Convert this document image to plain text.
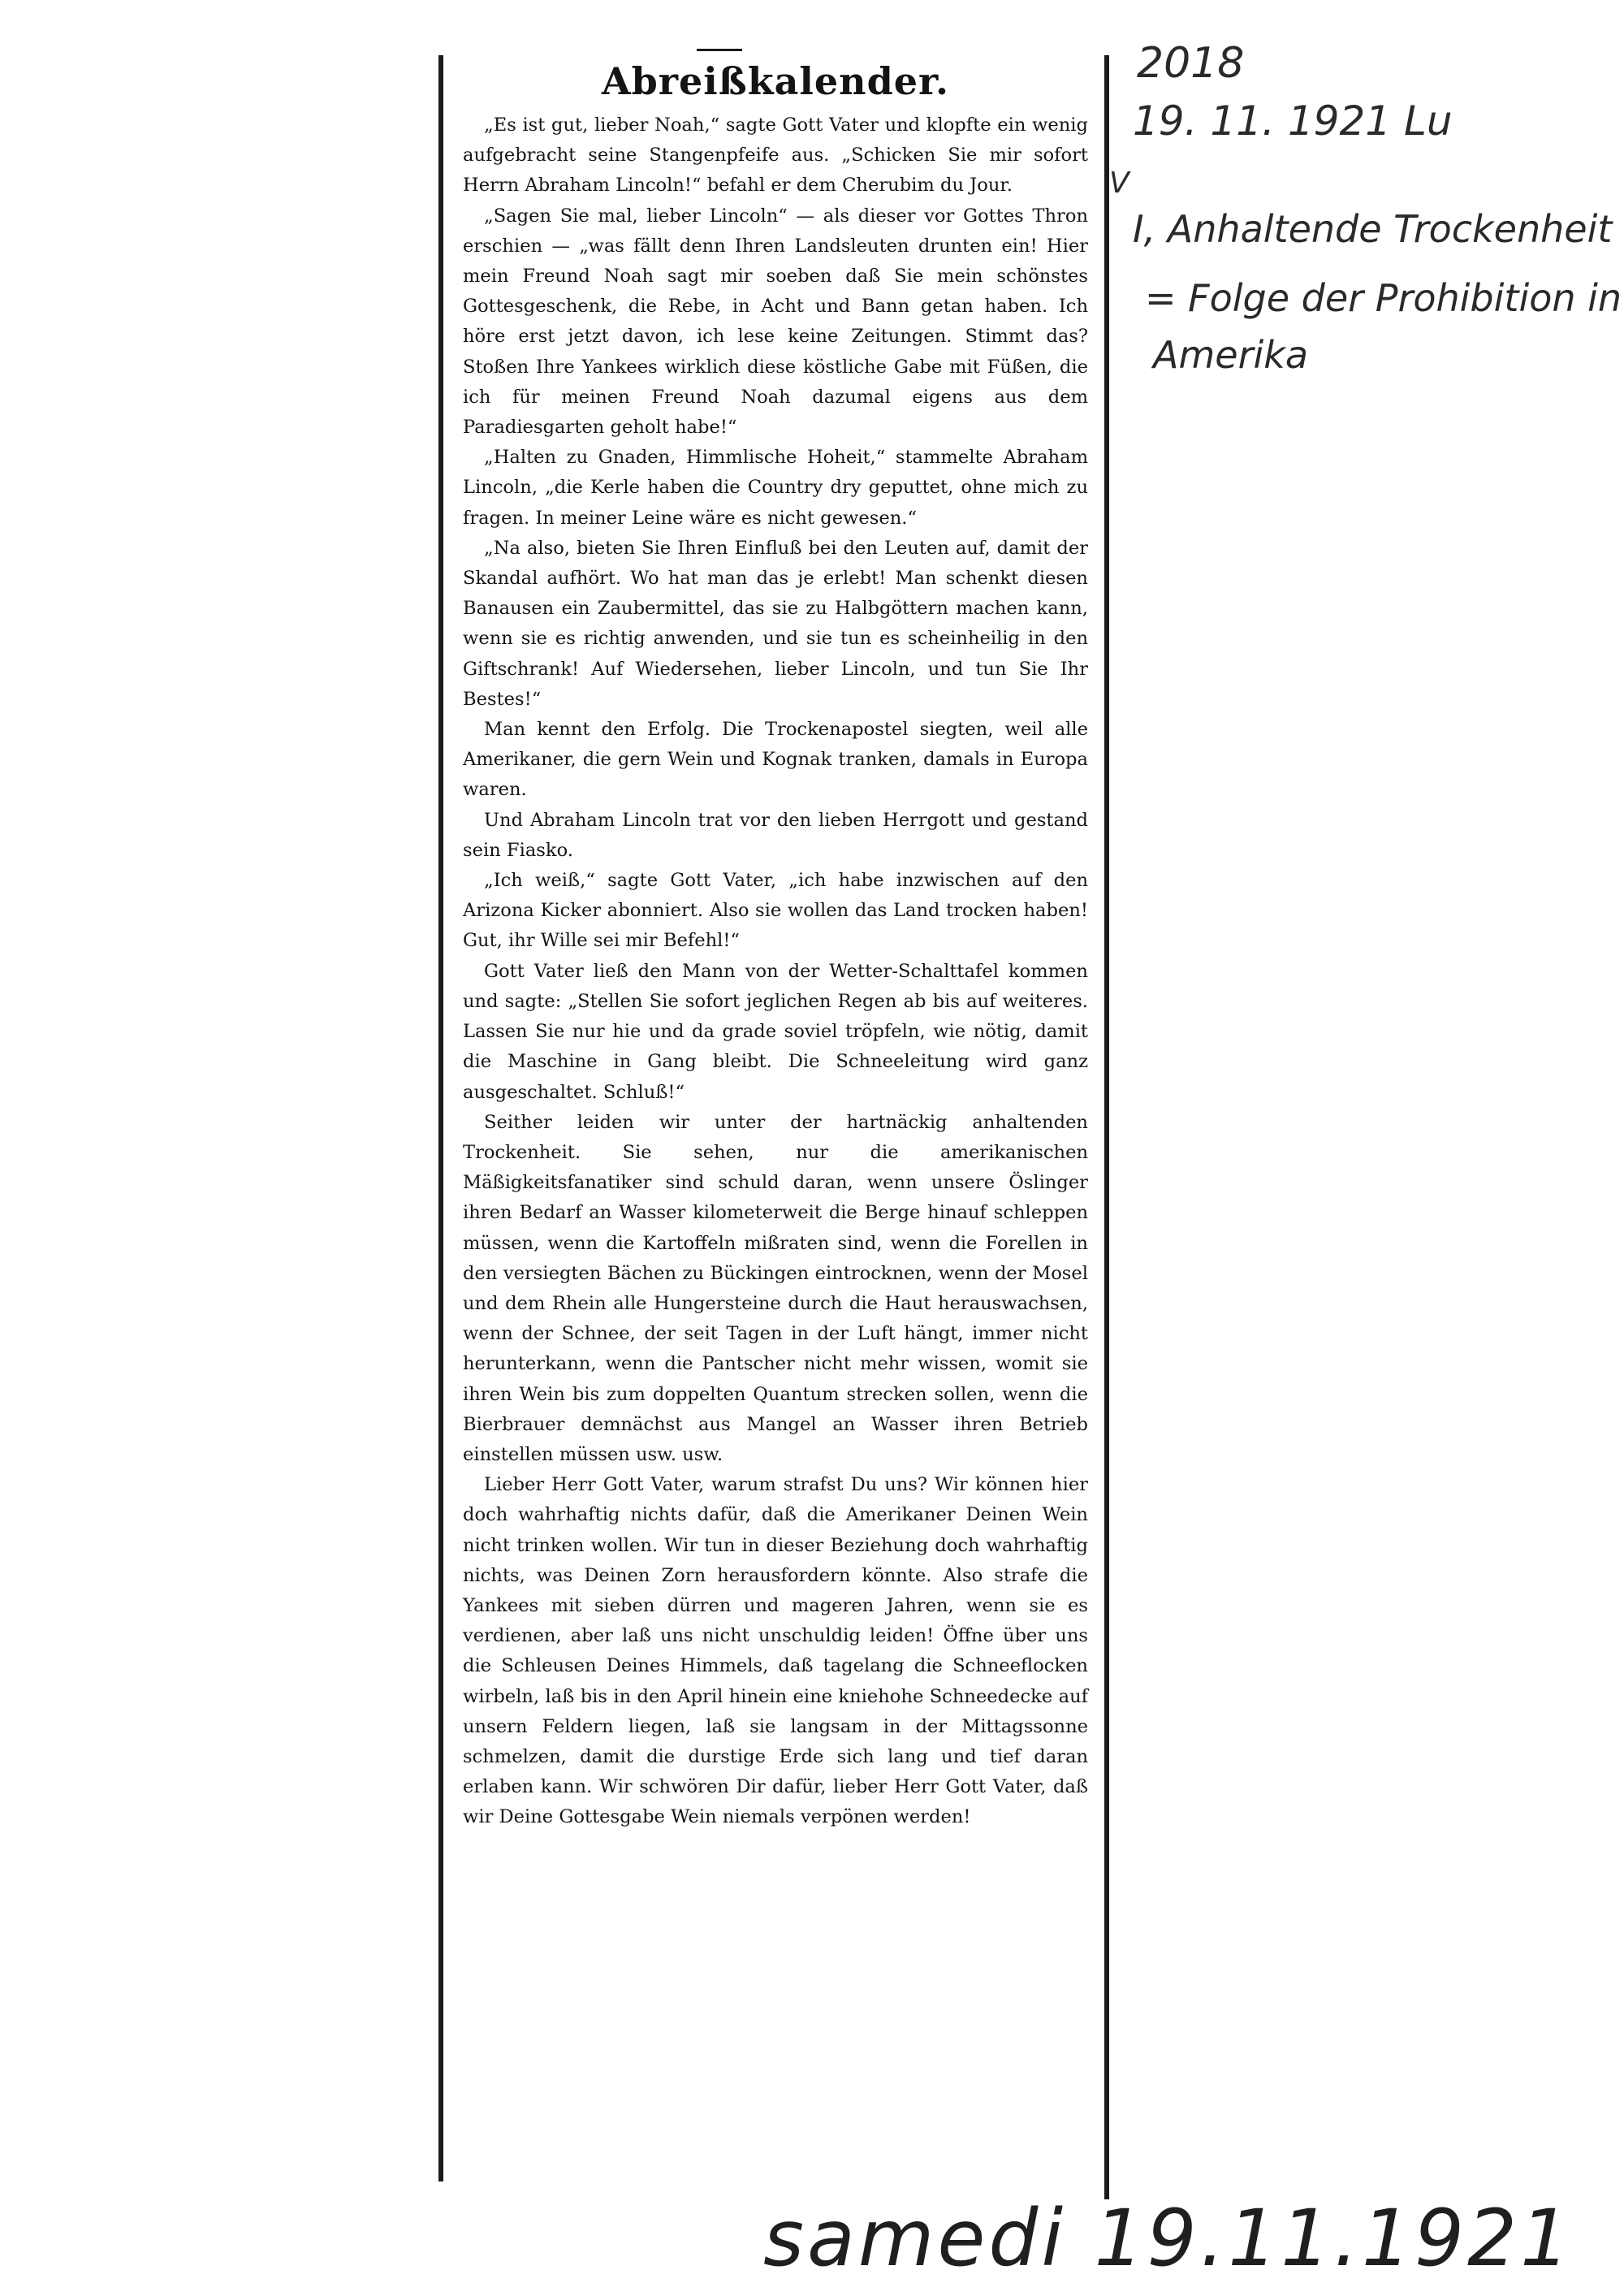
Abreißkalender.

„Es ist gut, lieber Noah,“ sagte Gott Vater und klopfte ein wenig aufgebracht seine Stangenpfeife aus. „Schicken Sie mir sofort Herrn Abraham Lincoln!“ befahl er dem Cherubim du Jour.

„Sagen Sie mal, lieber Lincoln“ — als dieser vor Gottes Thron erschien — „was fällt denn Ihren Landsleuten drunten ein! Hier mein Freund Noah sagt mir soeben daß Sie mein schönstes Gottesgeschenk, die Rebe, in Acht und Bann getan haben. Ich höre erst jetzt davon, ich lese keine Zeitungen. Stimmt das? Stoßen Ihre Yankees wirklich diese köstliche Gabe mit Füßen, die ich für meinen Freund Noah dazumal eigens aus dem Paradiesgarten geholt habe!“

„Halten zu Gnaden, Himmlische Hoheit,“ stammelte Abraham Lincoln, „die Kerle haben die Country dry geputtet, ohne mich zu fragen. In meiner Leine wäre es nicht gewesen.“

„Na also, bieten Sie Ihren Einfluß bei den Leuten auf, damit der Skandal aufhört. Wo hat man das je erlebt! Man schenkt diesen Banausen ein Zaubermittel, das sie zu Halbgöttern machen kann, wenn sie es richtig anwenden, und sie tun es scheinheilig in den Giftschrank! Auf Wiedersehen, lieber Lincoln, und tun Sie Ihr Bestes!“

Man kennt den Erfolg. Die Trockenapostel siegten, weil alle Amerikaner, die gern Wein und Kognak tranken, damals in Europa waren.

Und Abraham Lincoln trat vor den lieben Herrgott und gestand sein Fiasko.

„Ich weiß,“ sagte Gott Vater, „ich habe inzwischen auf den Arizona Kicker abonniert. Also sie wollen das Land trocken haben! Gut, ihr Wille sei mir Befehl!“

Gott Vater ließ den Mann von der Wetter-Schalttafel kommen und sagte: „Stellen Sie sofort jeglichen Regen ab bis auf weiteres. Lassen Sie nur hie und da grade soviel tröpfeln, wie nötig, damit die Maschine in Gang bleibt. Die Schneeleitung wird ganz ausgeschaltet. Schluß!“

Seither leiden wir unter der hartnäckig anhaltenden Trockenheit. Sie sehen, nur die amerikanischen Mäßigkeitsfanatiker sind schuld daran, wenn unsere Öslinger ihren Bedarf an Wasser kilometerweit die Berge hinauf schleppen müssen, wenn die Kartoffeln mißraten sind, wenn die Forellen in den versiegten Bächen zu Bückingen eintrocknen, wenn der Mosel und dem Rhein alle Hungersteine durch die Haut herauswachsen, wenn der Schnee, der seit Tagen in der Luft hängt, immer nicht herunterkann, wenn die Pantscher nicht mehr wissen, womit sie ihren Wein bis zum doppelten Quantum strecken sollen, wenn die Bierbrauer demnächst aus Mangel an Wasser ihren Betrieb einstellen müssen usw. usw.

Lieber Herr Gott Vater, warum strafst Du uns? Wir können hier doch wahrhaftig nichts dafür, daß die Amerikaner Deinen Wein nicht trinken wollen. Wir tun in dieser Beziehung doch wahrhaftig nichts, was Deinen Zorn herausfordern könnte. Also strafe die Yankees mit sieben dürren und mageren Jahren, wenn sie es verdienen, aber laß uns nicht unschuldig leiden! Öffne über uns die Schleusen Deines Himmels, daß tagelang die Schneeflocken wirbeln, laß bis in den April hinein eine kniehohe Schneedecke auf unsern Feldern liegen, laß sie langsam in der Mittagssonne schmelzen, damit die durstige Erde sich lang und tief daran erlaben kann. Wir schwören Dir dafür, lieber Herr Gott Vater, daß wir Deine Gottesgabe Wein niemals verpönen werden!

2018
19. 11. 1921 Lu
V
I, Anhaltende Trockenheit
= Folge der Prohibition in
Amerika
samedi 19.11.1921
